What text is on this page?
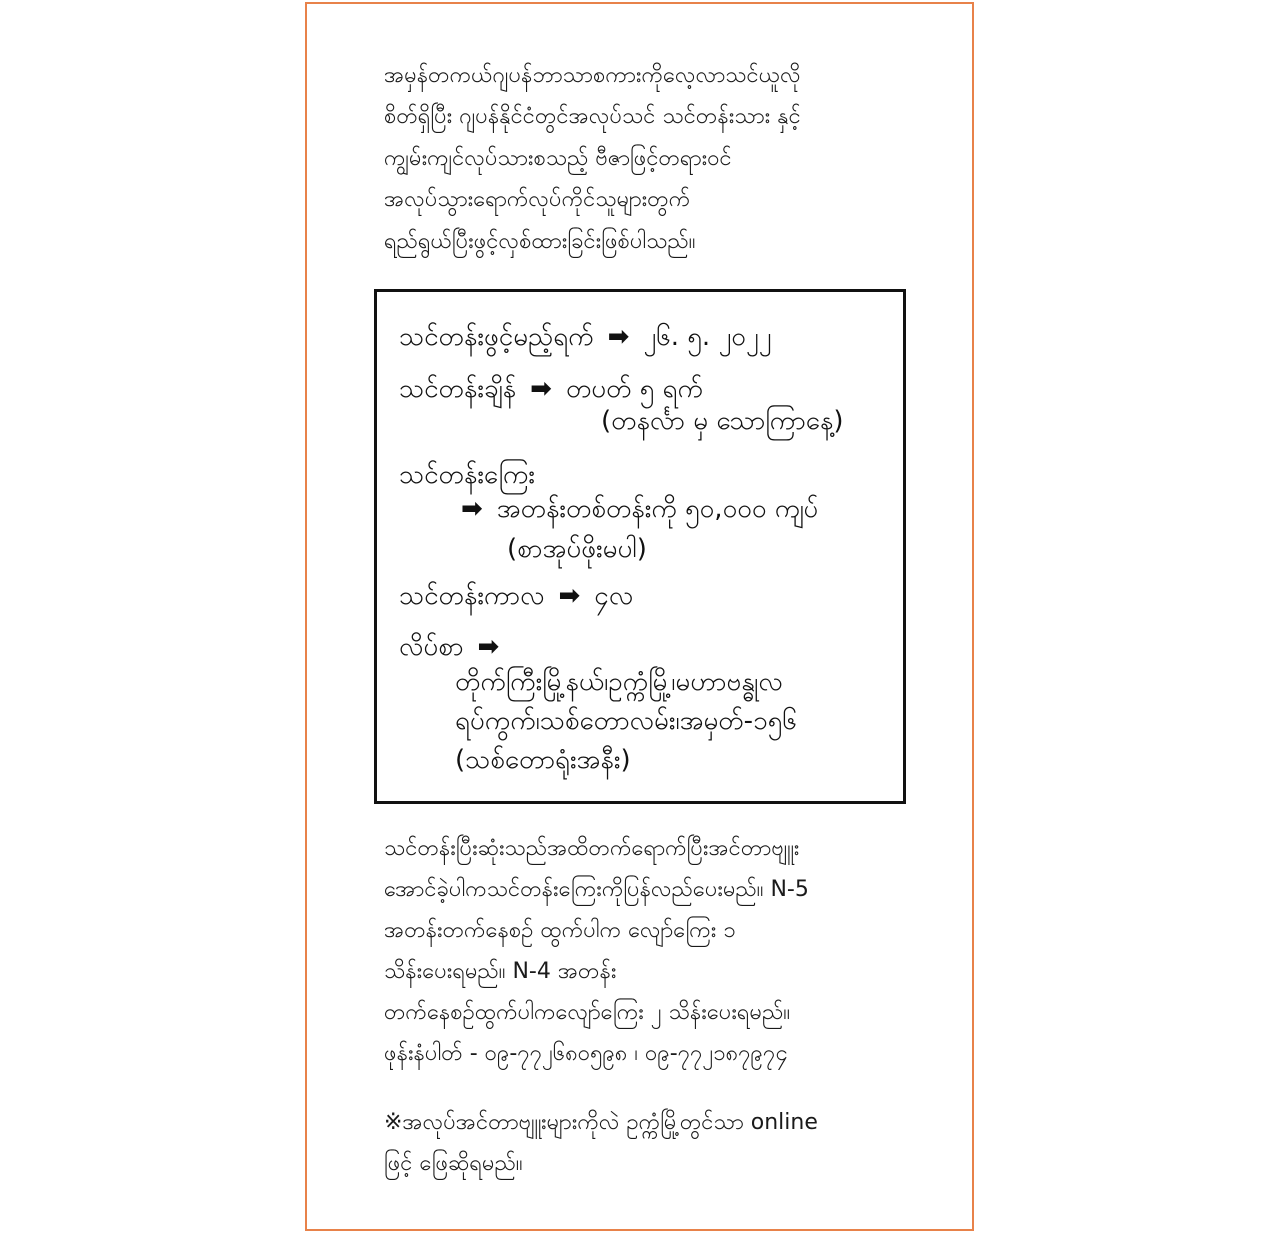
အမှန်တကယ်ဂျပန်ဘာသာစကားကိုလေ့လာသင်ယူလို
စိတ်ရှိပြီး ဂျပန်နိုင်ငံတွင်အလုပ်သင် သင်တန်းသား နှင့်
ကျွမ်းကျင်လုပ်သားစသည့် ဗီဇာဖြင့်တရားဝင်
အလုပ်သွားရောက်လုပ်ကိုင်သူများတွက်
ရည်ရွယ်ပြီးဖွင့်လှစ်ထားခြင်းဖြစ်ပါသည်။
သင်တန်းဖွင့်မည့်ရက် ➡ ၂၆. ၅. ၂၀၂၂
သင်တန်းချိန် ➡ တပတ် ၅ ရက်
(တနင်္လာ မှ သောကြာနေ့)
သင်တန်းကြေး
➡ အတန်းတစ်တန်းကို ၅၀,၀၀၀ ကျပ်
(စာအုပ်ဖိုးမပါ)
သင်တန်းကာလ ➡ ၄လ
လိပ်စာ ➡
တိုက်ကြီးမြို့နယ်၊ဥက္ကံမြို့၊မဟာဗန္ဓုလ
ရပ်ကွက်၊သစ်တောလမ်း၊အမှတ်-၁၅၆
(သစ်တောရုံးအနီး)
သင်တန်းပြီးဆုံးသည်အထိတက်ရောက်ပြီးအင်တာဗျူး
အောင်ခဲ့ပါကသင်တန်းကြေးကိုပြန်လည်ပေးမည်။ N-5
အတန်းတက်နေစဉ် ထွက်ပါက လျော်ကြေး ၁
သိန်းပေးရမည်။ N-4 အတန်း
တက်နေစဉ်ထွက်ပါကလျော်ကြေး ၂ သိန်းပေးရမည်။
ဖုန်းနံပါတ် - ၀၉-၇၇၂၆၈၀၅၉၈ ၊ ၀၉-၇၇၂၁၈၇၉၇၄
※အလုပ်အင်တာဗျူးများကိုလဲ ဥက္ကံမြို့တွင်သာ online
ဖြင့် ဖြေဆိုရမည်။
